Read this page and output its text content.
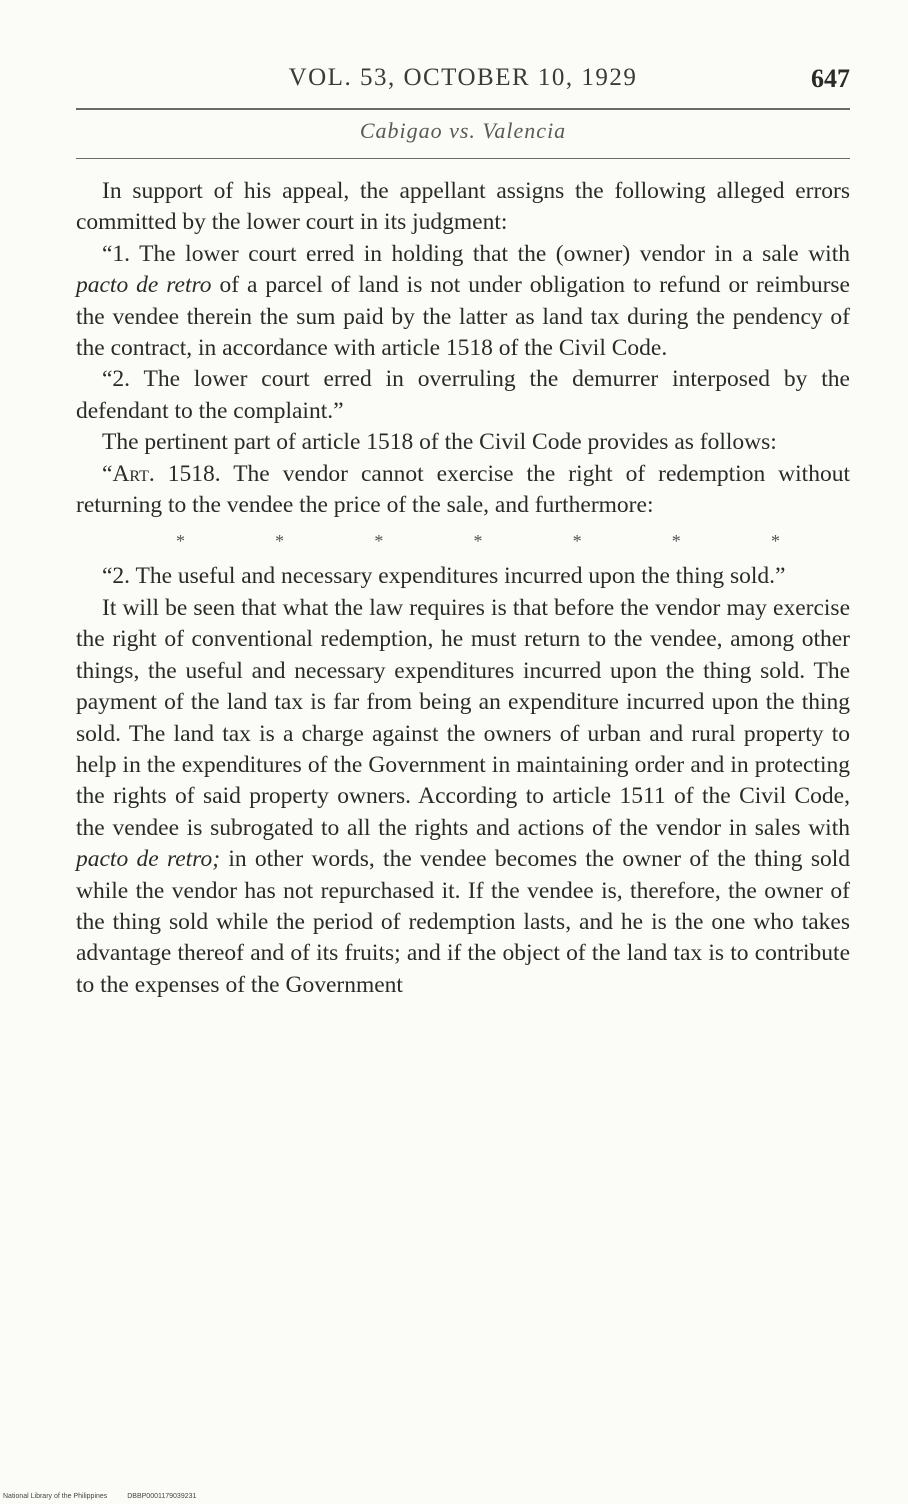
VOL. 53, OCTOBER 10, 1929	647
Cabigao vs. Valencia

In support of his appeal, the appellant assigns the following alleged errors committed by the lower court in its judgment:

“1. The lower court erred in holding that the (owner) vendor in a sale with pacto de retro of a parcel of land is not under obligation to refund or reimburse the vendee therein the sum paid by the latter as land tax during the pendency of the contract, in accordance with article 1518 of the Civil Code.

“2. The lower court erred in overruling the demurrer interposed by the defendant to the complaint.”

The pertinent part of article 1518 of the Civil Code provides as follows:

“Art. 1518. The vendor cannot exercise the right of redemption without returning to the vendee the price of the sale, and furthermore:

*	*	*	*	*	*	*

“2. The useful and necessary expenditures incurred upon the thing sold.”

It will be seen that what the law requires is that before the vendor may exercise the right of conventional redemption, he must return to the vendee, among other things, the useful and necessary expenditures incurred upon the thing sold. The payment of the land tax is far from being an expenditure incurred upon the thing sold. The land tax is a charge against the owners of urban and rural property to help in the expenditures of the Government in maintaining order and in protecting the rights of said property owners. According to article 1511 of the Civil Code, the vendee is subrogated to all the rights and actions of the vendor in sales with pacto de retro; in other words, the vendee becomes the owner of the thing sold while the vendor has not repurchased it. If the vendee is, therefore, the owner of the thing sold while the period of redemption lasts, and he is the one who takes advantage thereof and of its fruits; and if the object of the land tax is to contribute to the expenses of the Government

National Library of the Philippines	DBBP0001179039231
